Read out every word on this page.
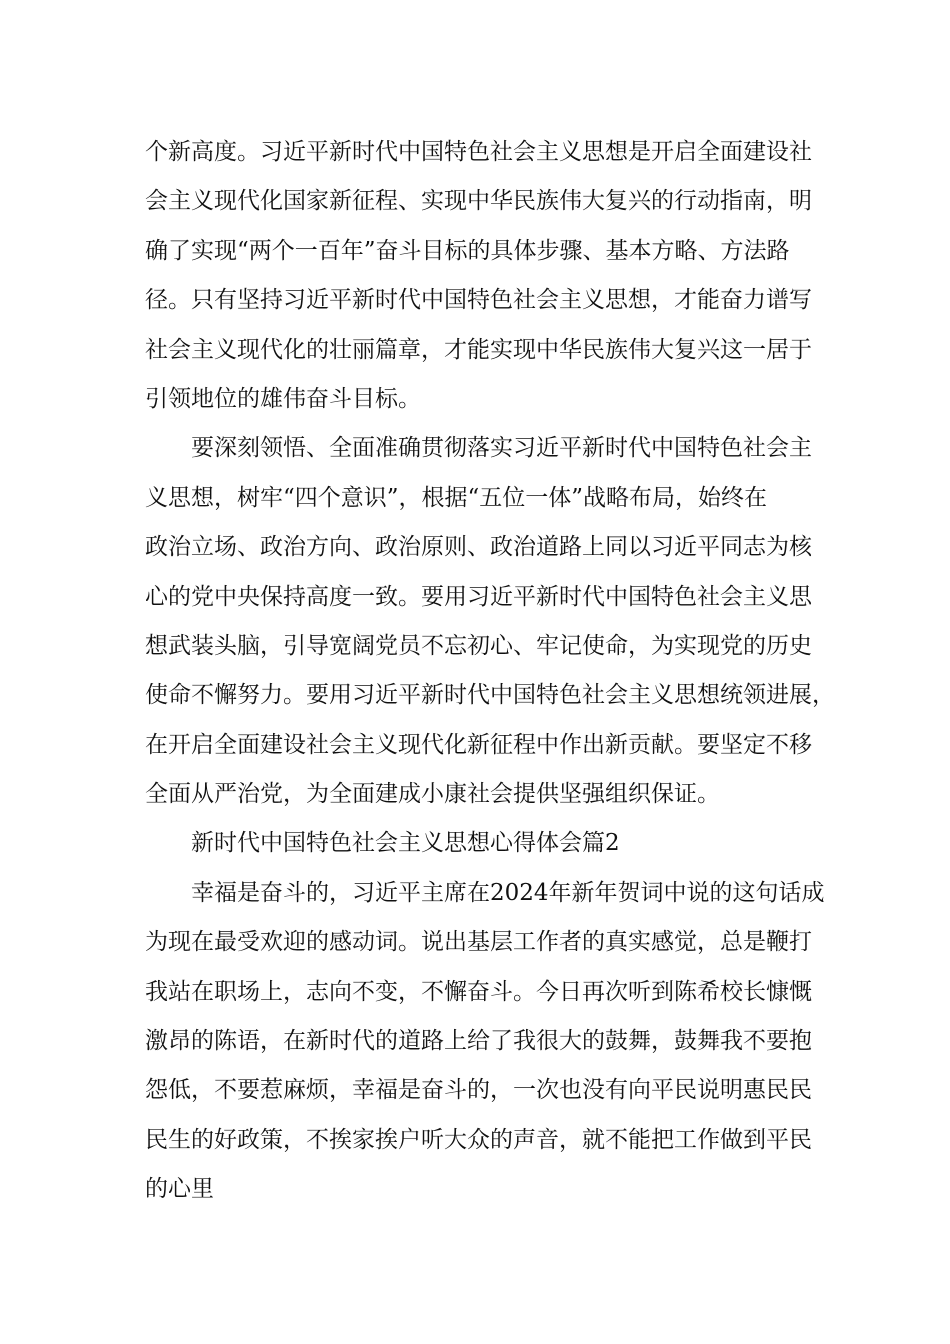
个新高度。习近平新时代中国特色社会主义思想是开启全面建设社
会主义现代化国家新征程、实现中华民族伟大复兴的行动指南，明
确了实现“两个一百年”奋斗目标的具体步骤、基本方略、方法路
径。只有坚持习近平新时代中国特色社会主义思想，才能奋力谱写
社会主义现代化的壮丽篇章，才能实现中华民族伟大复兴这一居于
引领地位的雄伟奋斗目标。
要深刻领悟、全面准确贯彻落实习近平新时代中国特色社会主
义思想，树牢“四个意识”，根据“五位一体”战略布局，始终在
政治立场、政治方向、政治原则、政治道路上同以习近平同志为核
心的党中央保持高度一致。要用习近平新时代中国特色社会主义思
想武装头脑，引导宽阔党员不忘初心、牢记使命，为实现党的历史
使命不懈努力。要用习近平新时代中国特色社会主义思想统领进展，
在开启全面建设社会主义现代化新征程中作出新贡献。要坚定不移
全面从严治党，为全面建成小康社会提供坚强组织保证。
新时代中国特色社会主义思想心得体会篇2
幸福是奋斗的，习近平主席在2024年新年贺词中说的这句话成
为现在最受欢迎的感动词。说出基层工作者的真实感觉，总是鞭打
我站在职场上，志向不变，不懈奋斗。今日再次听到陈希校长慷慨
激昂的陈语，在新时代的道路上给了我很大的鼓舞，鼓舞我不要抱
怨低，不要惹麻烦，幸福是奋斗的，一次也没有向平民说明惠民民
民生的好政策，不挨家挨户听大众的声音，就不能把工作做到平民
的心里
